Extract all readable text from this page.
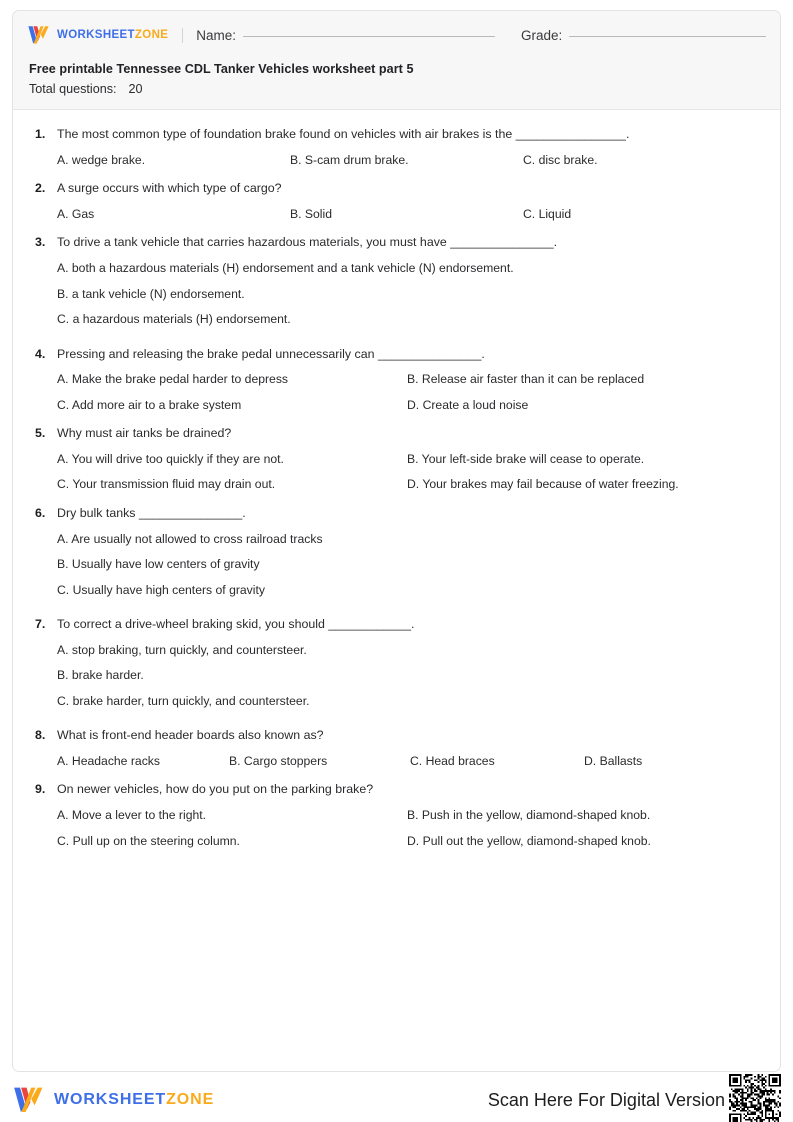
WORKSHEETZONE Name:	Grade:
Free printable Tennessee CDL Tanker Vehicles worksheet part 5
Total questions: 20
1. The most common type of foundation brake found on vehicles with air brakes is the ________________.
A. wedge brake.	B. S-cam drum brake.	C. disc brake.
2. A surge occurs with which type of cargo?
A. Gas	B. Solid	C. Liquid
3. To drive a tank vehicle that carries hazardous materials, you must have _______________.
A. both a hazardous materials (H) endorsement and a tank vehicle (N) endorsement.
B. a tank vehicle (N) endorsement.
C. a hazardous materials (H) endorsement.
4. Pressing and releasing the brake pedal unnecessarily can _______________.
A. Make the brake pedal harder to depress	B. Release air faster than it can be replaced
C. Add more air to a brake system	D. Create a loud noise
5. Why must air tanks be drained?
A. You will drive too quickly if they are not.	B. Your left-side brake will cease to operate.
C. Your transmission fluid may drain out.	D. Your brakes may fail because of water freezing.
6. Dry bulk tanks _______________.
A. Are usually not allowed to cross railroad tracks
B. Usually have low centers of gravity
C. Usually have high centers of gravity
7. To correct a drive-wheel braking skid, you should ____________.
A. stop braking, turn quickly, and countersteer.
B. brake harder.
C. brake harder, turn quickly, and countersteer.
8. What is front-end header boards also known as?
A. Headache racks	B. Cargo stoppers	C. Head braces	D. Ballasts
9. On newer vehicles, how do you put on the parking brake?
A. Move a lever to the right.	B. Push in the yellow, diamond-shaped knob.
C. Pull up on the steering column.	D. Pull out the yellow, diamond-shaped knob.
WORKSHEETZONE	Scan Here For Digital Version
